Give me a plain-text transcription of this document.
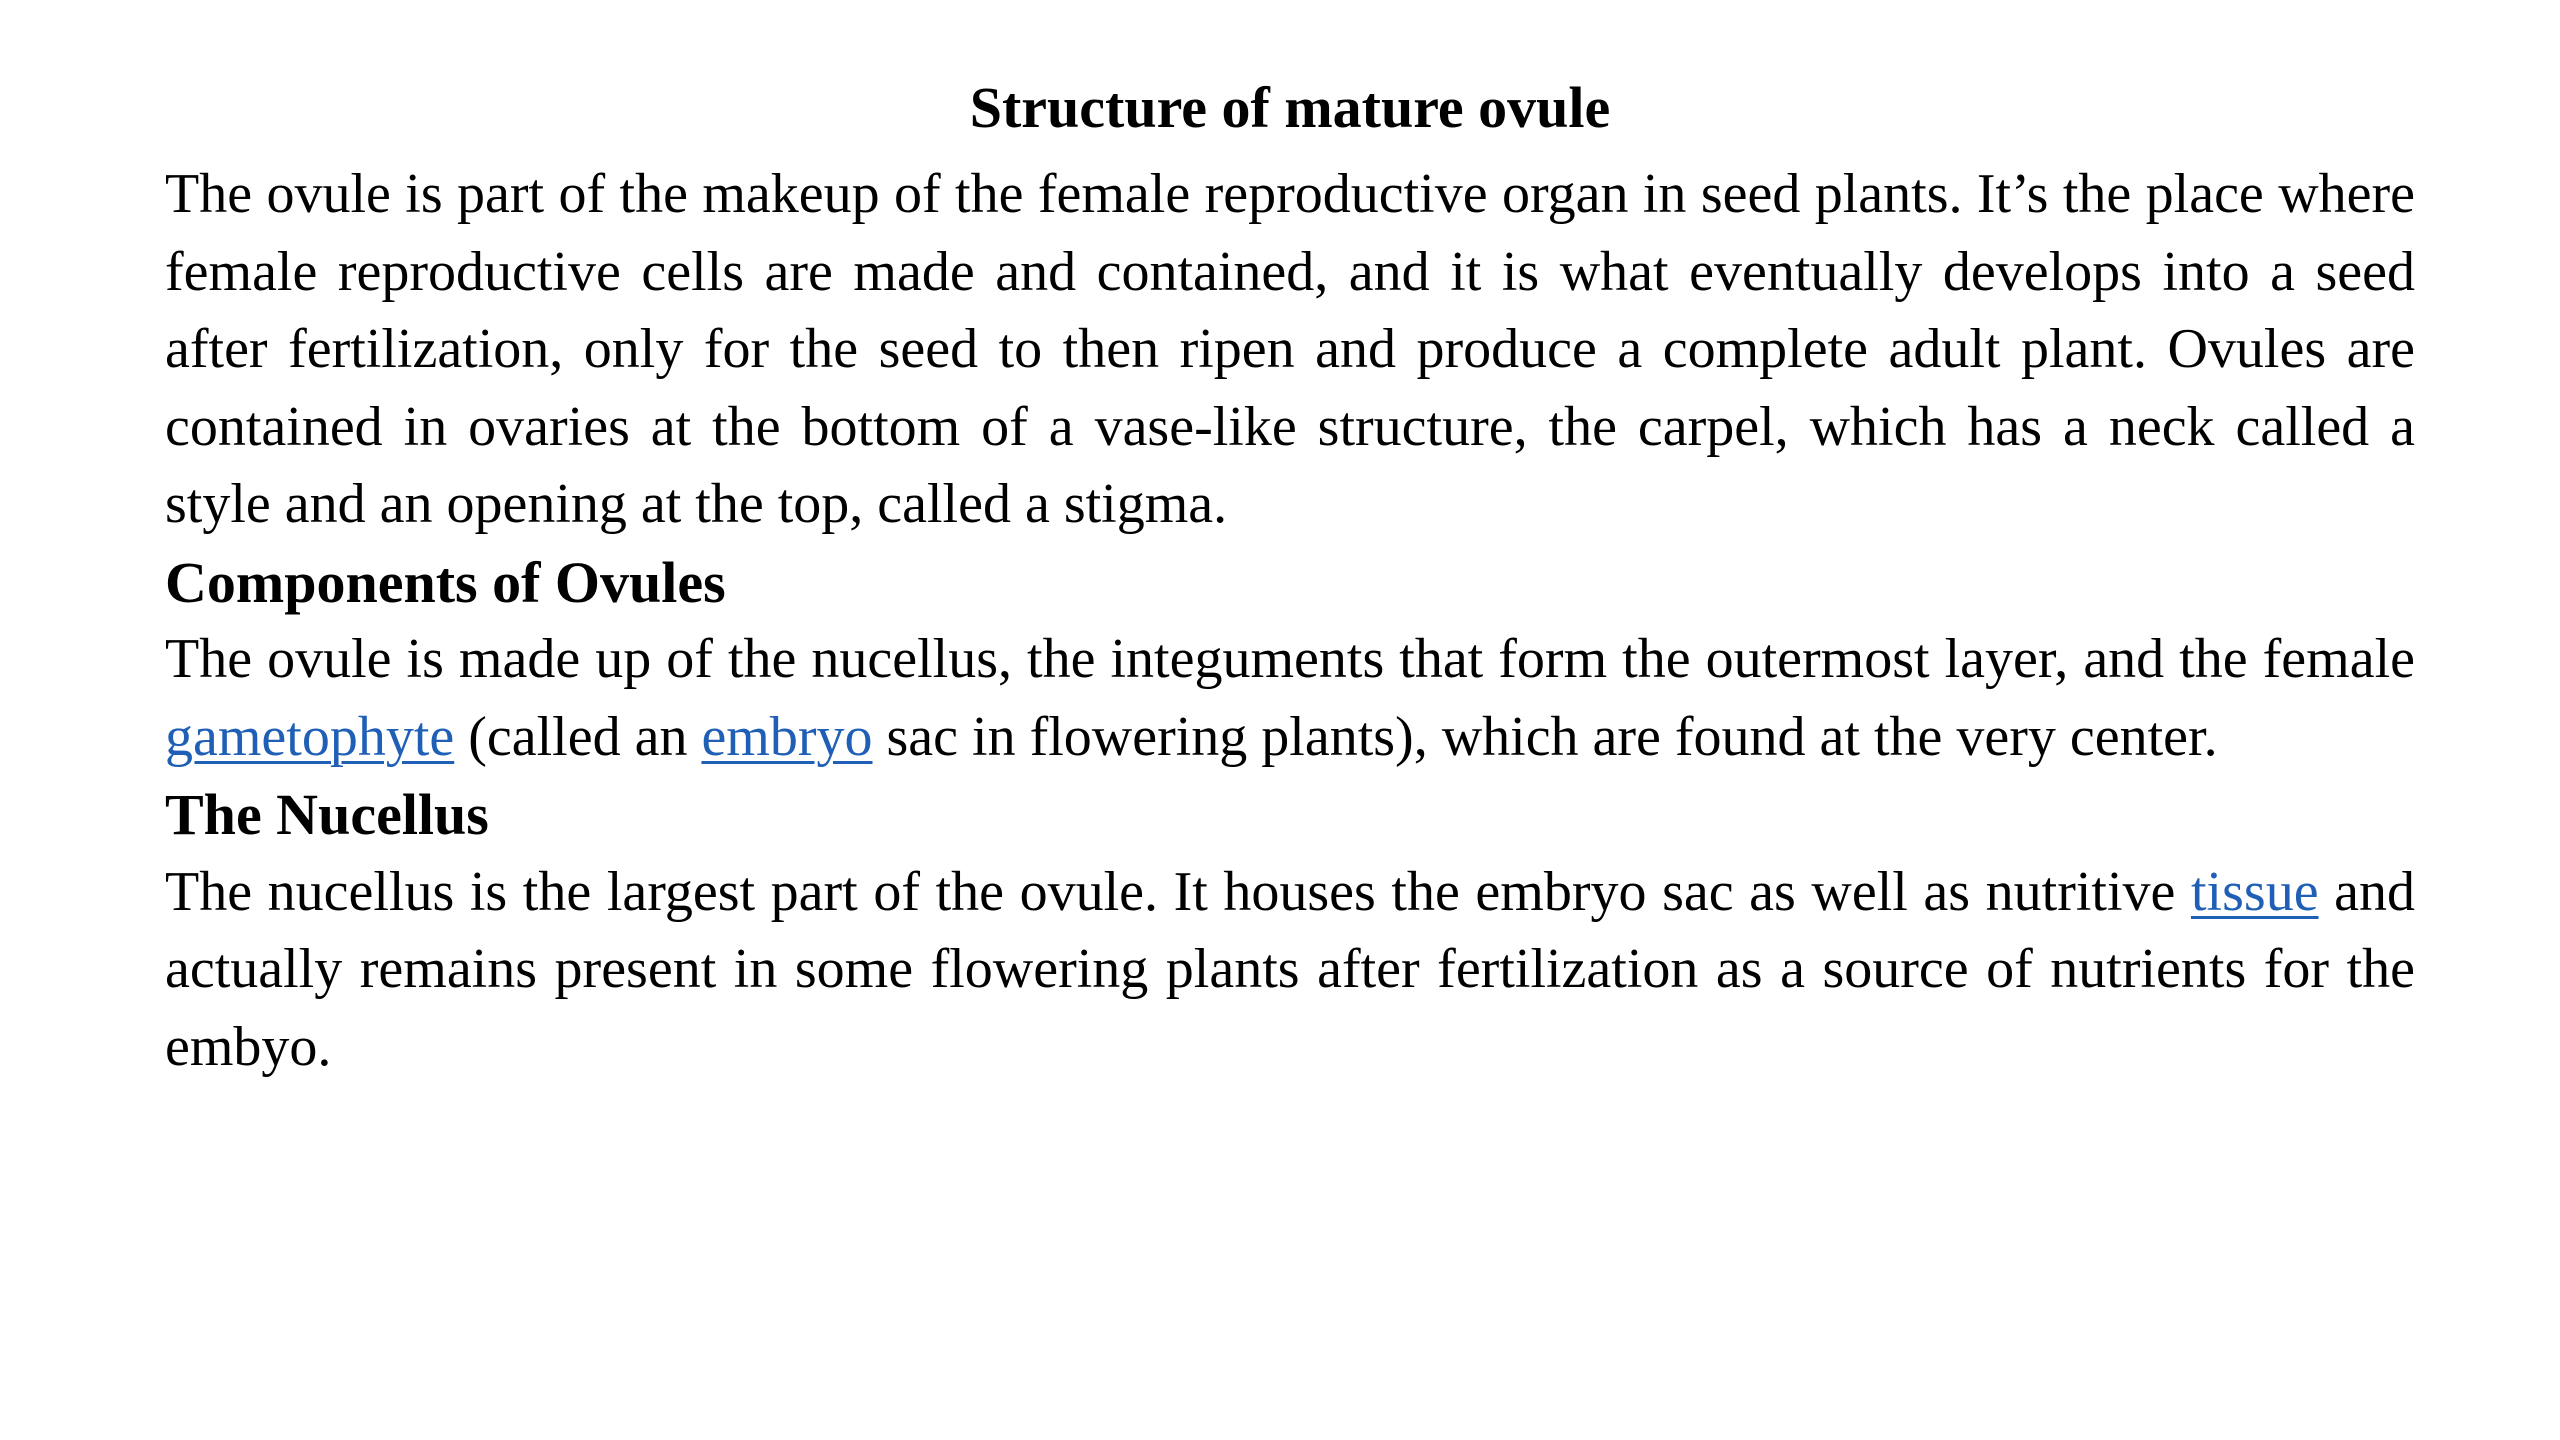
Structure of mature ovule

The ovule is part of the makeup of the female reproductive organ in seed plants. It’s the place where female reproductive cells are made and contained, and it is what eventually develops into a seed after fertilization, only for the seed to then ripen and produce a complete adult plant. Ovules are contained in ovaries at the bottom of a vase-like structure, the carpel, which has a neck called a style and an opening at the top, called a stigma.

Components of Ovules

The ovule is made up of the nucellus, the integuments that form the outermost layer, and the female gametophyte (called an embryo sac in flowering plants), which are found at the very center.

The Nucellus

The nucellus is the largest part of the ovule. It houses the embryo sac as well as nutritive tissue and actually remains present in some flowering plants after fertilization as a source of nutrients for the embyo.
